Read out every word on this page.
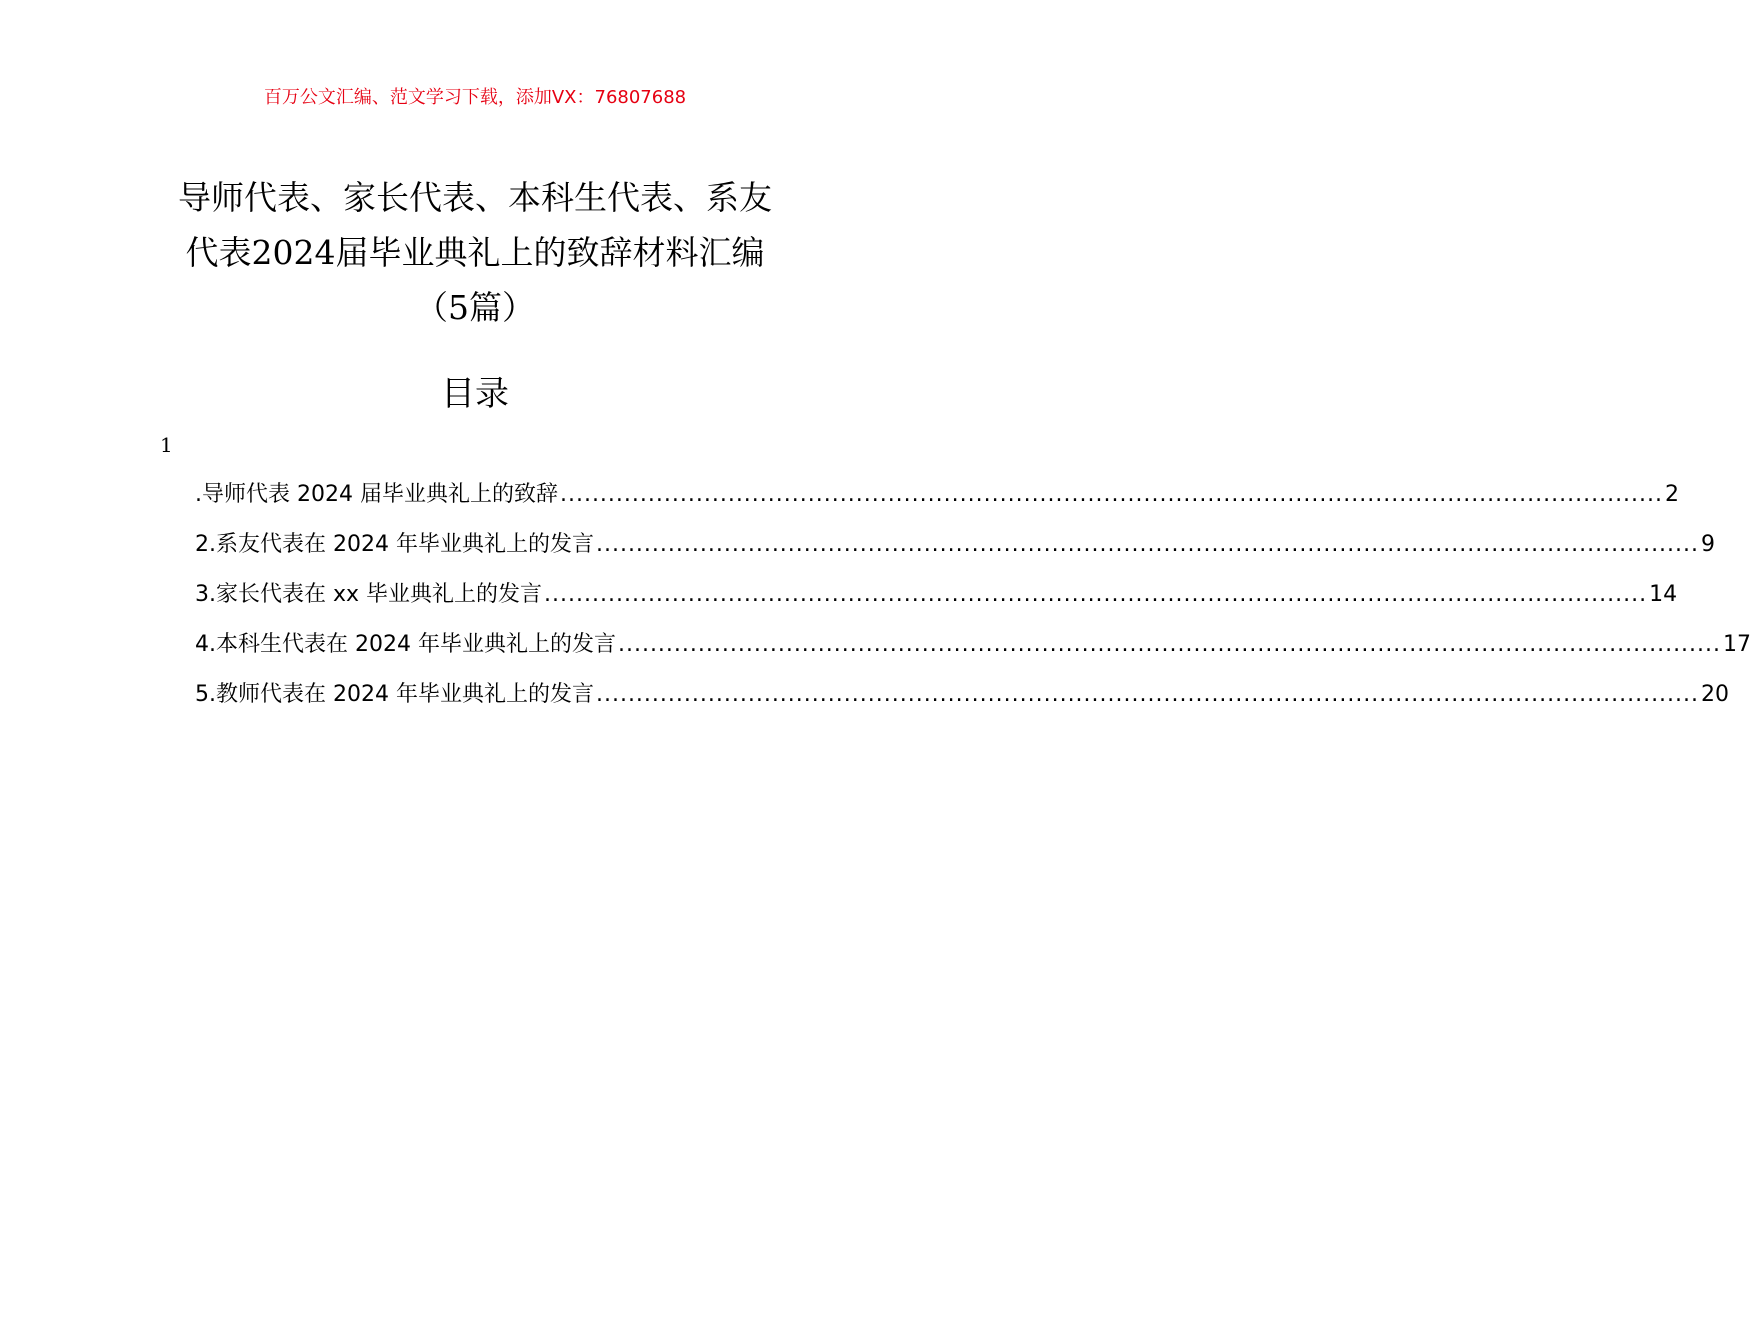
百万公文汇编、范文学习下载，添加VX：76807688
导师代表、家长代表、本科生代表、系友
代表2024届毕业典礼上的致辞材料汇编
（5篇）
目录
1
.导师代表 2024 届毕业典礼上的致辞 .......................................................................................................................................... 2
2.系友代表在 2024 年毕业典礼上的发言 .......................................................................................................................................... 9
3.家长代表在 xx 毕业典礼上的发言 .......................................................................................................................................... 14
4.本科生代表在 2024 年毕业典礼上的发言 .......................................................................................................................................... 17
5.教师代表在 2024 年毕业典礼上的发言 .......................................................................................................................................... 20
